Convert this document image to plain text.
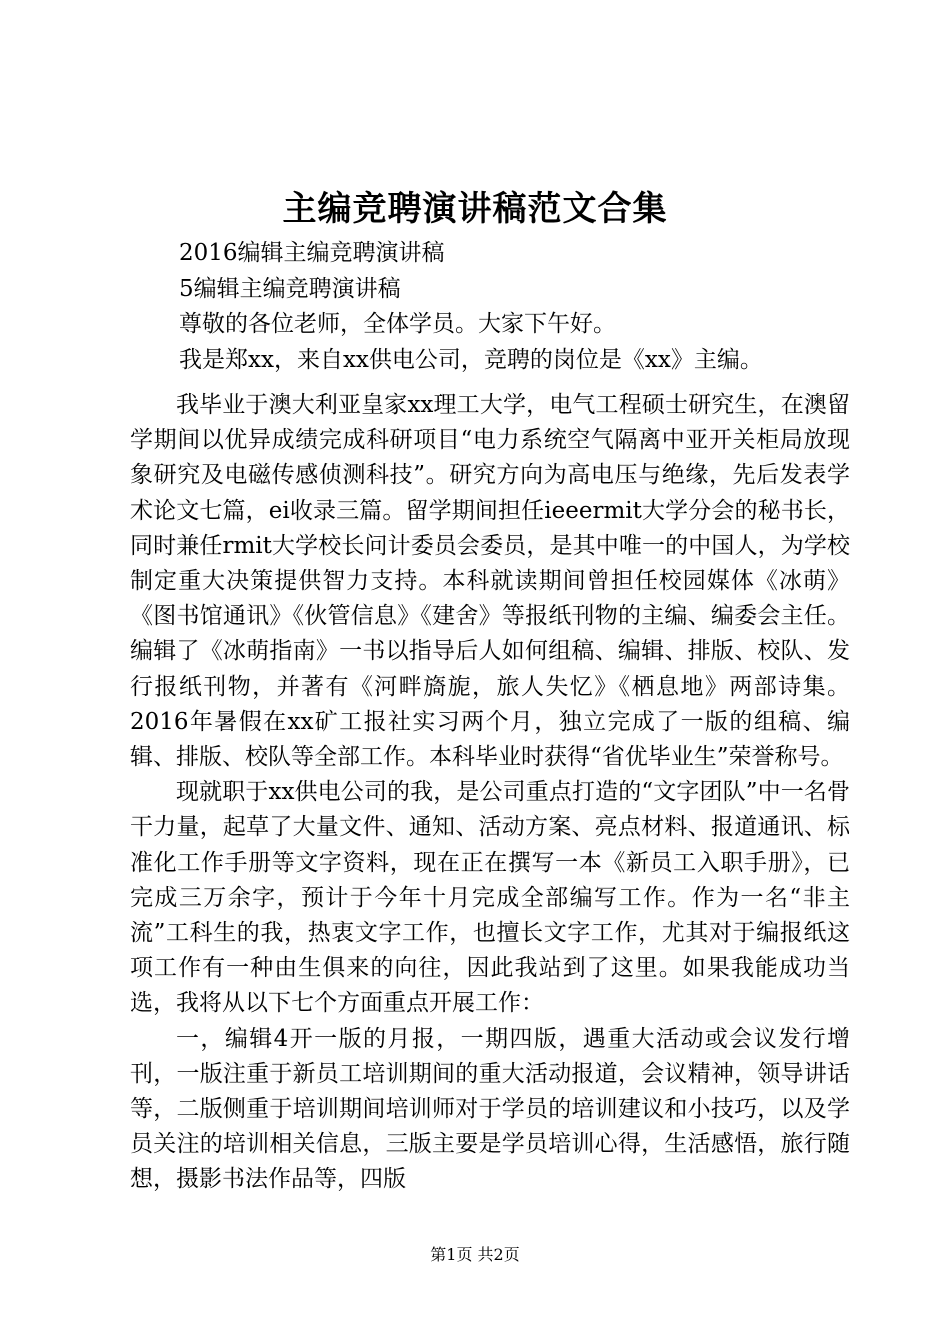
主编竞聘演讲稿范文合集

2016编辑主编竞聘演讲稿

5编辑主编竞聘演讲稿

尊敬的各位老师，全体学员。大家下午好。

我是郑xx，来自xx供电公司，竞聘的岗位是《xx》主编。

我毕业于澳大利亚皇家xx理工大学，电气工程硕士研究生，在澳留学期间以优异成绩完成科研项目“电力系统空气隔离中亚开关柜局放现象研究及电磁传感侦测科技”。研究方向为高电压与绝缘，先后发表学术论文七篇，ei收录三篇。留学期间担任ieeermit大学分会的秘书长，同时兼任rmit大学校长问计委员会委员，是其中唯一的中国人，为学校制定重大决策提供智力支持。本科就读期间曾担任校园媒体《冰萌》《图书馆通讯》《伙管信息》《建舍》等报纸刊物的主编、编委会主任。编辑了《冰萌指南》一书以指导后人如何组稿、编辑、排版、校队、发行报纸刊物，并著有《河畔旖旎，旅人失忆》《栖息地》两部诗集。2016年暑假在xx矿工报社实习两个月，独立完成了一版的组稿、编辑、排版、校队等全部工作。本科毕业时获得“省优毕业生”荣誉称号。

现就职于xx供电公司的我，是公司重点打造的“文字团队”中一名骨干力量，起草了大量文件、通知、活动方案、亮点材料、报道通讯、标准化工作手册等文字资料，现在正在撰写一本《新员工入职手册》，已完成三万余字，预计于今年十月完成全部编写工作。作为一名“非主流”工科生的我，热衷文字工作，也擅长文字工作，尤其对于编报纸这项工作有一种由生俱来的向往，因此我站到了这里。如果我能成功当选，我将从以下七个方面重点开展工作：

一，编辑4开一版的月报，一期四版，遇重大活动或会议发行增刊，一版注重于新员工培训期间的重大活动报道，会议精神，领导讲话等，二版侧重于培训期间培训师对于学员的培训建议和小技巧，以及学员关注的培训相关信息，三版主要是学员培训心得，生活感悟，旅行随想，摄影书法作品等，四版

第1页 共2页
